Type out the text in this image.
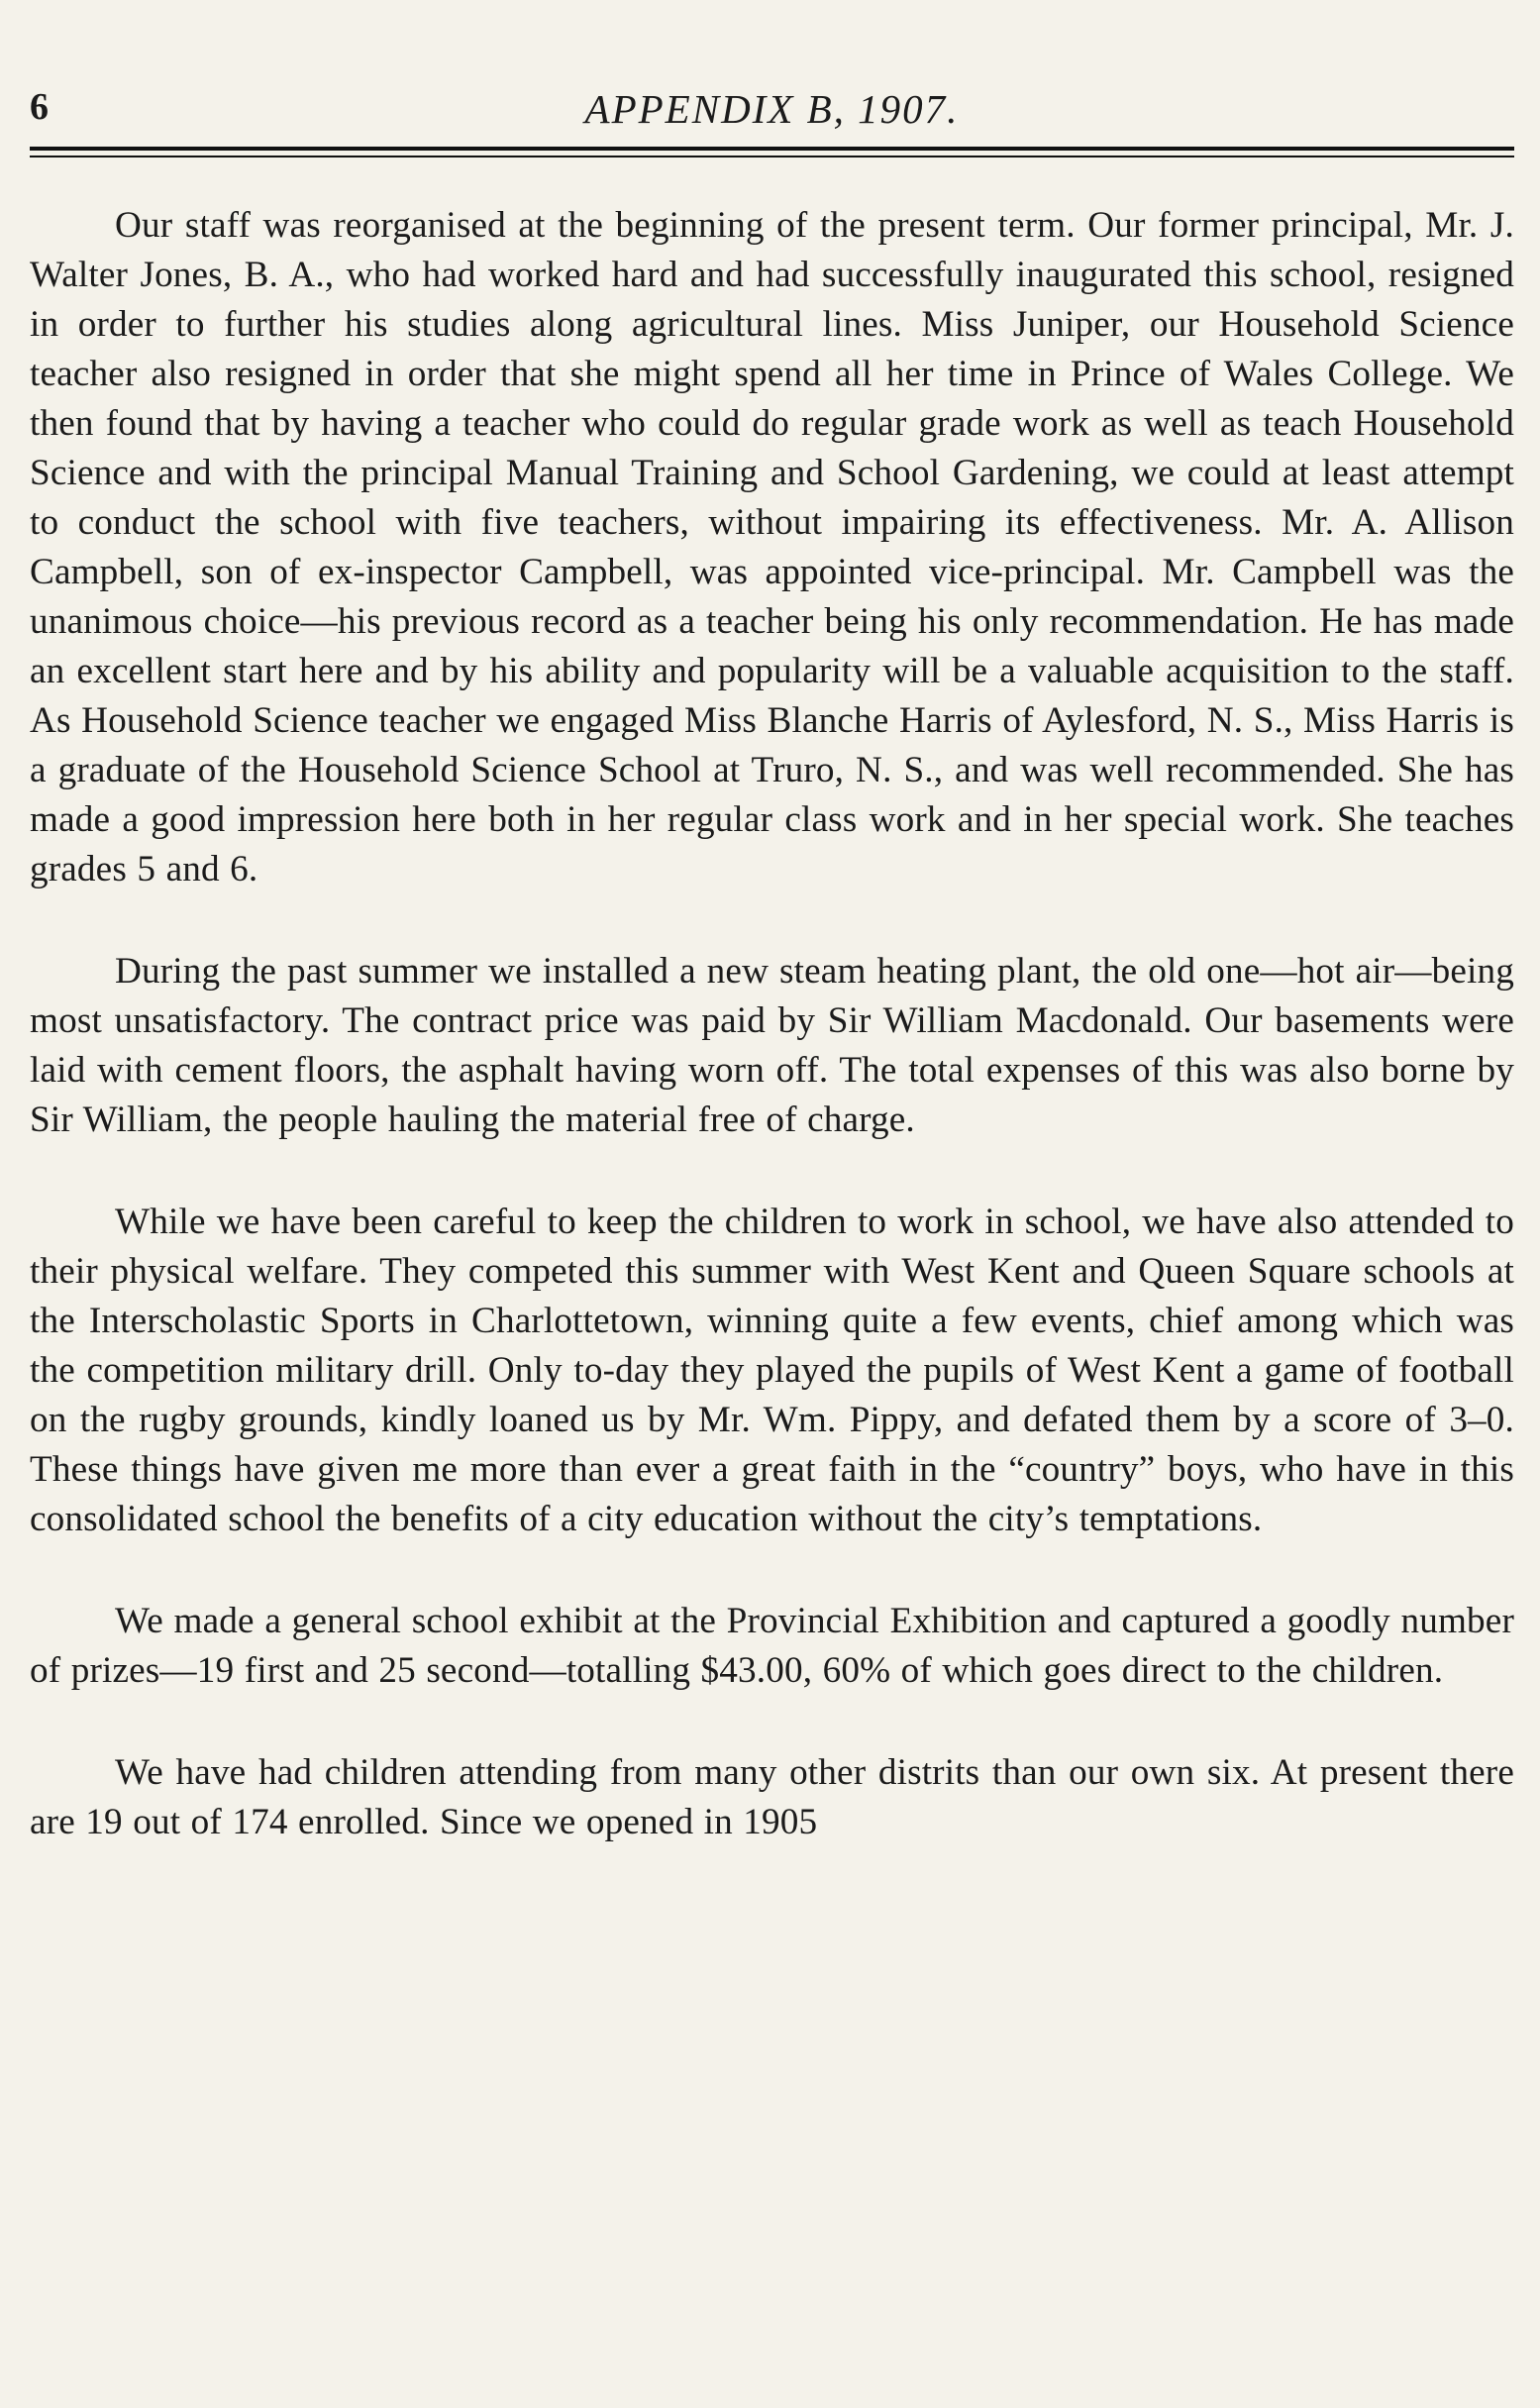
6	APPENDIX B, 1907.

Our staff was reorganised at the beginning of the present term. Our former principal, Mr. J. Walter Jones, B. A., who had worked hard and had successfully inaugurated this school, resigned in order to further his studies along agricultural lines. Miss Juniper, our Household Science teacher also resigned in order that she might spend all her time in Prince of Wales College. We then found that by having a teacher who could do regular grade work as well as teach Household Science and with the principal Manual Training and School Gardening, we could at least attempt to conduct the school with five teachers, without impairing its effectiveness. Mr. A. Allison Campbell, son of ex-inspector Campbell, was appointed vice-principal. Mr. Campbell was the unanimous choice—his previous record as a teacher being his only recommendation. He has made an excellent start here and by his ability and popularity will be a valuable acquisition to the staff. As Household Science teacher we engaged Miss Blanche Harris of Aylesford, N. S., Miss Harris is a graduate of the Household Science School at Truro, N. S., and was well recommended. She has made a good impression here both in her regular class work and in her special work. She teaches grades 5 and 6.

During the past summer we installed a new steam heating plant, the old one—hot air—being most unsatisfactory. The contract price was paid by Sir William Macdonald. Our basements were laid with cement floors, the asphalt having worn off. The total expenses of this was also borne by Sir William, the people hauling the material free of charge.

While we have been careful to keep the children to work in school, we have also attended to their physical welfare. They competed this summer with West Kent and Queen Square schools at the Interscholastic Sports in Charlottetown, winning quite a few events, chief among which was the competition military drill. Only to-day they played the pupils of West Kent a game of football on the rugby grounds, kindly loaned us by Mr. Wm. Pippy, and defated them by a score of 3–0. These things have given me more than ever a great faith in the “country” boys, who have in this consolidated school the benefits of a city education without the city’s temptations.

We made a general school exhibit at the Provincial Exhibition and captured a goodly number of prizes—19 first and 25 second—totalling $43.00, 60% of which goes direct to the children.

We have had children attending from many other distrits than our own six. At present there are 19 out of 174 enrolled. Since we opened in 1905
